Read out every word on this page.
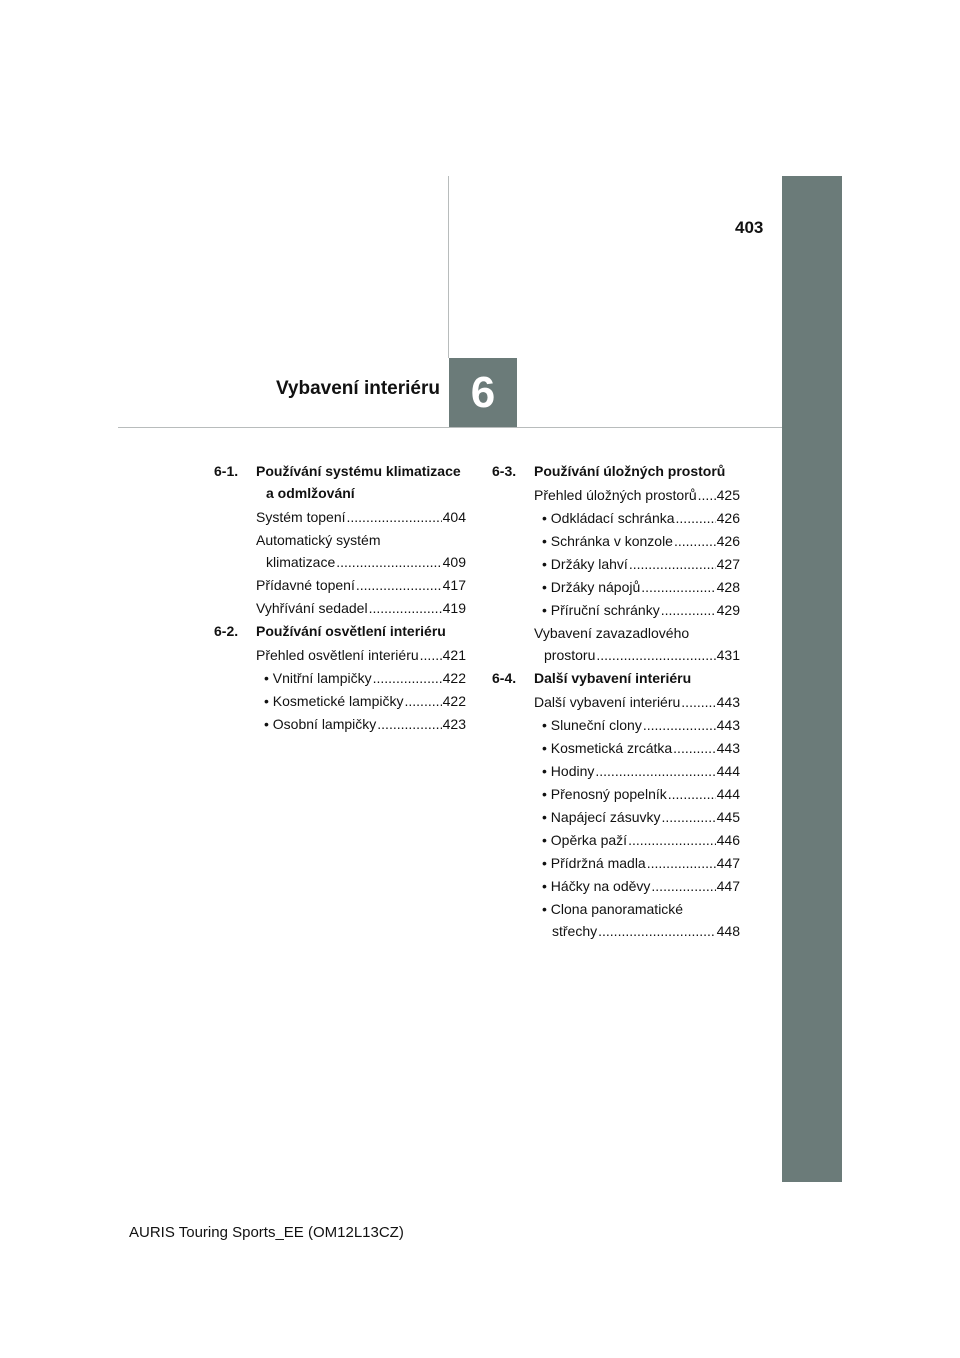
403
6
Vybavení interiéru
6-1. Používání systému klimatizace a odmlžování
Systém topení .....	404
Automatický systém
klimatizace .....	409
Přídavné topení .....	417
Vyhřívání sedadel .....	419
6-2. Používání osvětlení interiéru
Přehled osvětlení interiéru ..... 421
• Vnitřní lampičky .....	422
• Kosmetické lampičky .....	422
• Osobní lampičky .....	423
6-3. Používání úložných prostorů
Přehled úložných prostorů ..... 425
• Odkládací schránka .....	426
• Schránka v konzole .....	426
• Držáky lahví .....	427
• Držáky nápojů .....	428
• Příruční schránky .....	429
Vybavení zavazadlového
prostoru .....	431
6-4. Další vybavení interiéru
Další vybavení interiéru .....	443
• Sluneční clony .....	443
• Kosmetická zrcátka .....	443
• Hodiny .....	444
• Přenosný popelník .....	444
• Napájecí zásuvky .....	445
• Opěrka paží .....	446
• Přídržná madla .....	447
• Háčky na oděvy .....	447
• Clona panoramatické
střechy .....	448
AURIS Touring Sports_EE (OM12L13CZ)
